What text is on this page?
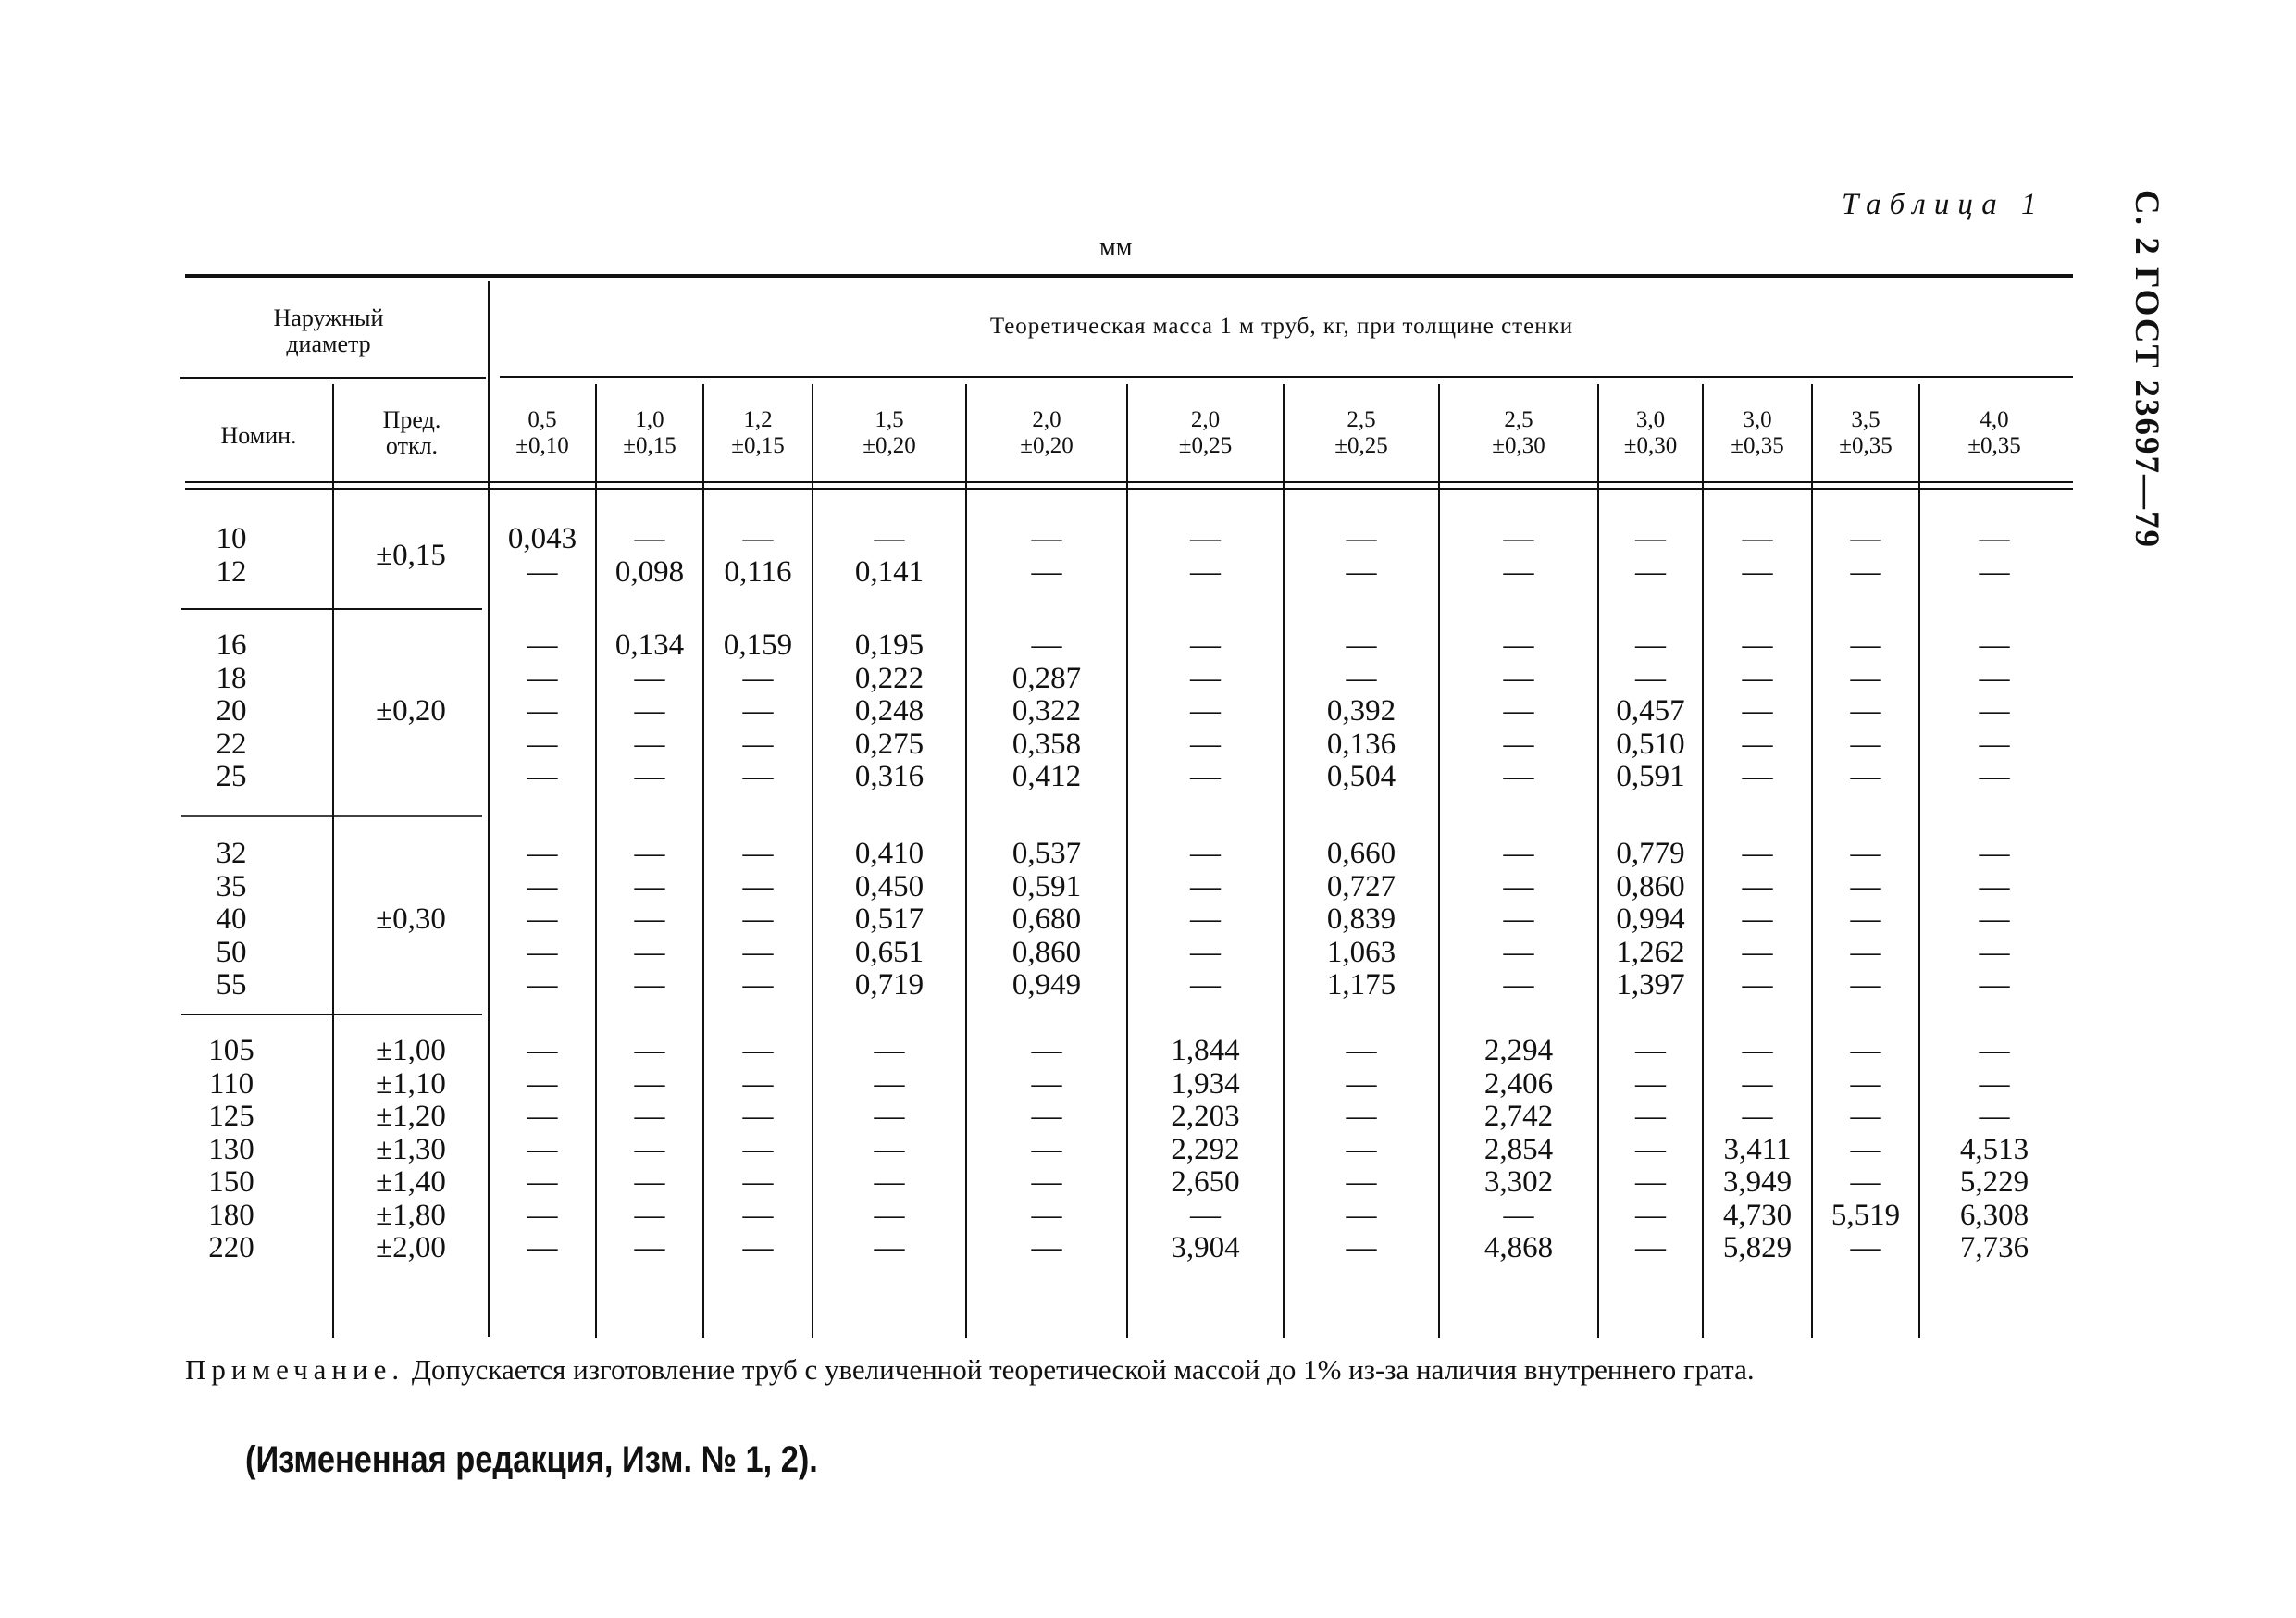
С. 2 ГОСТ 23697—79
Таблица 1
мм
Наружный диаметр
Теоретическая масса 1 м труб, кг, при толщине стенки
Номин.
Пред. откл.
0,5
±0,10
1,0
±0,15
1,2
±0,15
1,5
±0,20
2,0
±0,20
2,0
±0,25
2,5
±0,25
2,5
±0,30
3,0
±0,30
3,0
±0,35
3,5
±0,35
4,0
±0,35
10
12	±0,15	0,043
—
—
0,098
—
0,116
—
0,141
—
—
—
—
—
—
—
—
—
—
—
—
—
—
—
—
16
18
20
22
25
±0,20
—
—
—
—
—
0,134
—
—
—
—
0,159
—
—
—
—
0,195
0,222
0,248
0,275
0,316
—
0,287
0,322
0,358
0,412
—
—
—
—
—
—
—
0,392
0,136
0,504
—
—
—
—
—
—
—
0,457
0,510
0,591
—
—
—
—
—
—
—
—
—
—
—
—
—
—
—
32
35
40
50
55
±0,30
—
—
—
—
—
—
—
—
—
—
—
—
—
—
—
0,410
0,450
0,517
0,651
0,719
0,537
0,591
0,680
0,860
0,949
—
—
—
—
—
0,660
0,727
0,839
1,063
1,175
—
—
—
—
—
0,779
0,860
0,994
1,262
1,397
—
—
—
—
—
—
—
—
—
—
—
—
—
—
—
105
110
125
130
150
180
220
±1,00
±1,10
±1,20
±1,30
±1,40
±1,80
±2,00
—
—
—
—
—
—
—
—
—
—
—
—
—
—
—
—
—
—
—
—
—
—
—
—
—
—
—
—
—
—
—
—
—
—
—
1,844
1,934
2,203
2,292
2,650
—
3,904
—
—
—
—
—
—
—
2,294
2,406
2,742
2,854
3,302
—
4,868
—
—
—
—
—
—
—
—
—
—
3,411
3,949
4,730
5,829
—
—
—
—
—
5,519
—
—
—
—
4,513
5,229
6,308
7,736
Примечание. Допускается изготовление труб с увеличенной теоретической массой до 1% из-за наличия внутреннего грата.
(Измененная редакция, Изм. № 1, 2).
